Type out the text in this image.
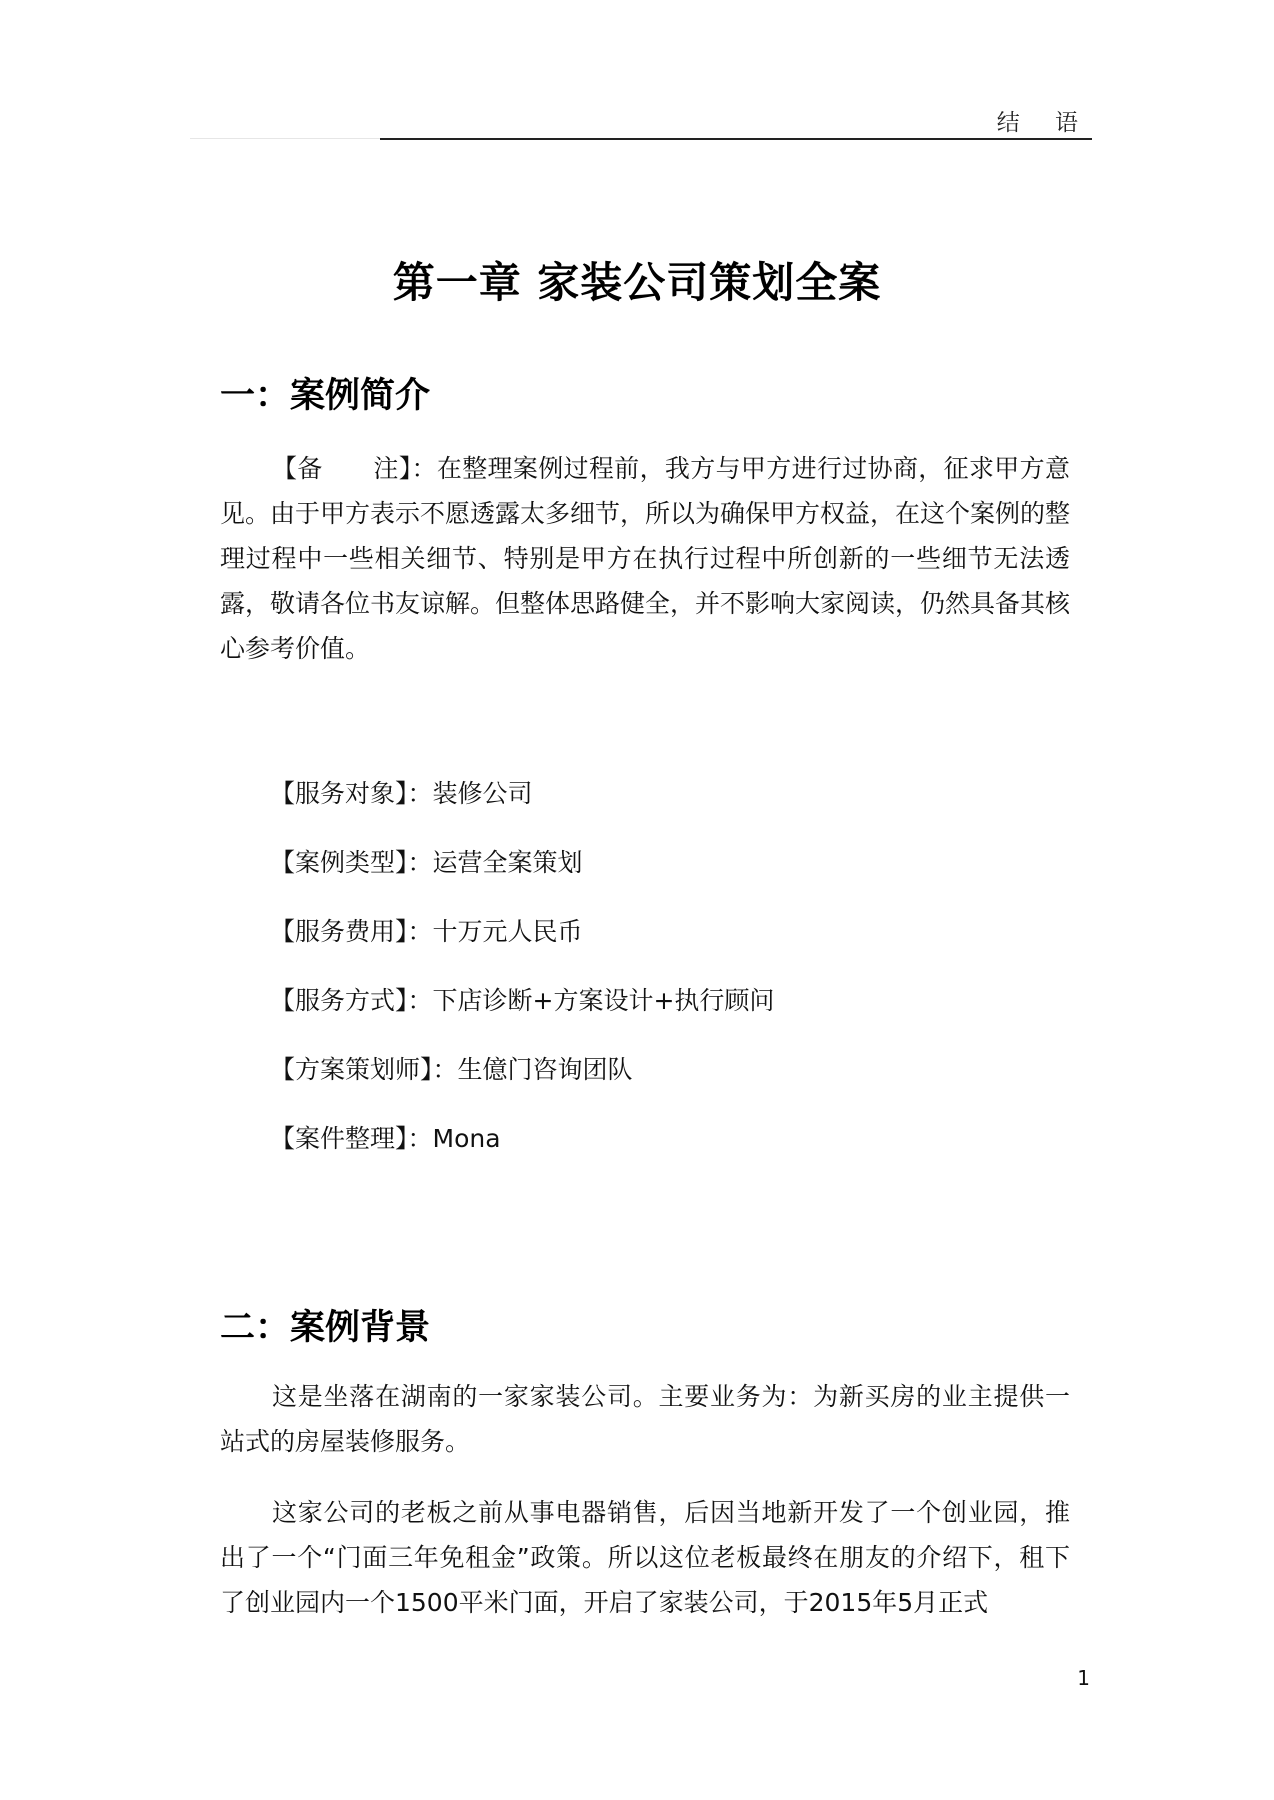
结 语
第一章 家装公司策划全案
一：案例简介

【备　　注】：在整理案例过程前，我方与甲方进行过协商，征求甲方意见。由于甲方表示不愿透露太多细节，所以为确保甲方权益，在这个案例的整理过程中一些相关细节、特别是甲方在执行过程中所创新的一些细节无法透露，敬请各位书友谅解。但整体思路健全，并不影响大家阅读，仍然具备其核心参考价值。

【服务对象】：装修公司
【案例类型】：运营全案策划
【服务费用】：十万元人民币
【服务方式】：下店诊断+方案设计+执行顾问
【方案策划师】：生億门咨询团队
【案件整理】：Mona
二：案例背景

这是坐落在湖南的一家家装公司。主要业务为：为新买房的业主提供一站式的房屋装修服务。

这家公司的老板之前从事电器销售，后因当地新开发了一个创业园，推出了一个“门面三年免租金”政策。所以这位老板最终在朋友的介绍下，租下了创业园内一个1500平米门面，开启了家装公司，于2015年5月正式

1
